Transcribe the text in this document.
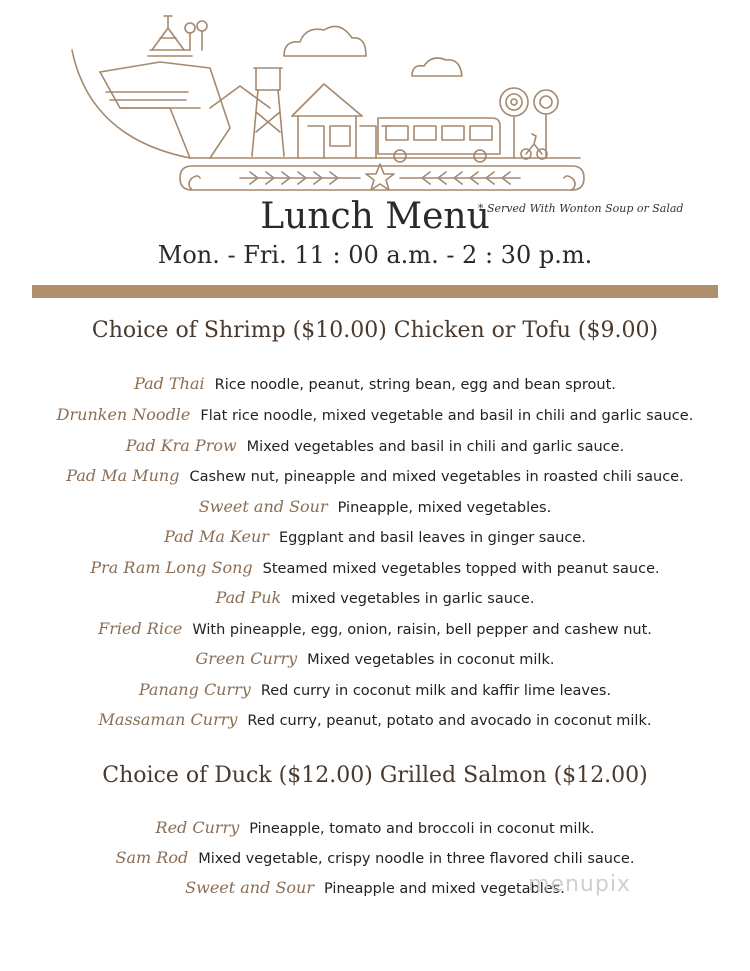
Lunch Menu
* Served With Wonton Soup or Salad
Mon. - Fri. 11 : 00 a.m. - 2 : 30 p.m.
Choice of Shrimp ($10.00) Chicken or Tofu ($9.00)
Pad Thai Rice noodle, peanut, string bean, egg and bean sprout.
Drunken Noodle Flat rice noodle, mixed vegetable and basil in chili and garlic sauce.
Pad Kra Prow Mixed vegetables and basil in chili and garlic sauce.
Pad Ma Mung Cashew nut, pineapple and mixed vegetables in roasted chili sauce.
Sweet and Sour Pineapple, mixed vegetables.
Pad Ma Keur Eggplant and basil leaves in ginger sauce.
Pra Ram Long Song Steamed mixed vegetables topped with peanut sauce.
Pad Puk mixed vegetables in garlic sauce.
Fried Rice With pineapple, egg, onion, raisin, bell pepper and cashew nut.
Green Curry Mixed vegetables in coconut milk.
Panang Curry Red curry in coconut milk and kaffir lime leaves.
Massaman Curry Red curry, peanut, potato and avocado in coconut milk.
Choice of Duck ($12.00) Grilled Salmon ($12.00)
Red Curry Pineapple, tomato and broccoli in coconut milk.
Sam Rod Mixed vegetable, crispy noodle in three flavored chili sauce.
Sweet and Sour Pineapple and mixed vegetables.
menupix
